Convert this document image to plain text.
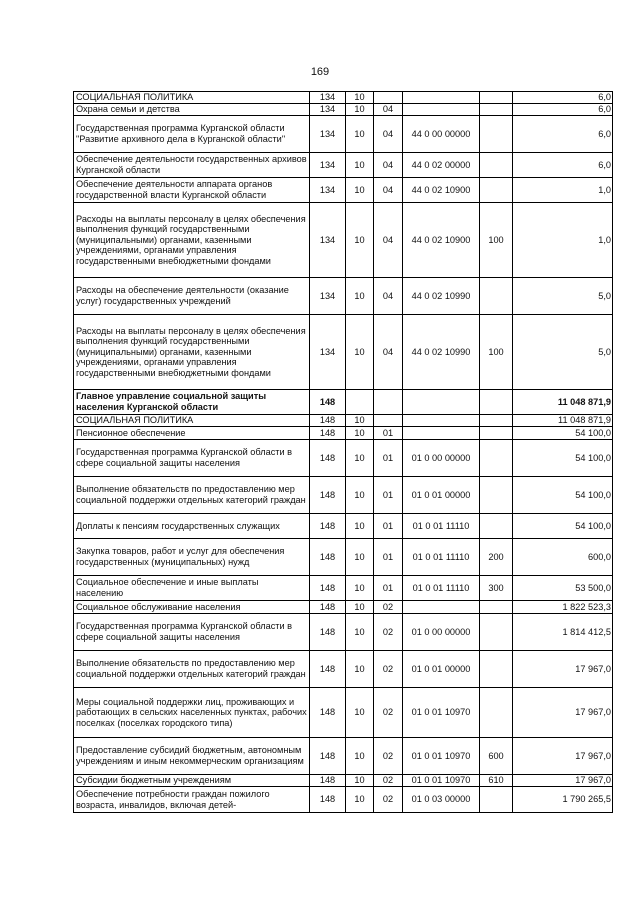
169
СОЦИАЛЬНАЯ ПОЛИТИКА	134	10				6,0
Охрана семьи и детства	134	10	04			6,0
Государственная программа Курганской области "Развитие архивного дела в Курганской области"	134	10	04	44 0 00 00000		6,0
Обеспечение деятельности государственных архивов Курганской области	134	10	04	44 0 02 00000		6,0
Обеспечение деятельности аппарата органов государственной власти Курганской области	134	10	04	44 0 02 10900		1,0
Расходы на выплаты персоналу в целях обеспечения выполнения функций государственными (муниципальными) органами, казенными учреждениями, органами управления государственными внебюджетными фондами	134	10	04	44 0 02 10900	100	1,0
Расходы на обеспечение деятельности (оказание услуг) государственных учреждений	134	10	04	44 0 02 10990		5,0
Расходы на выплаты персоналу в целях обеспечения выполнения функций государственными (муниципальными) органами, казенными учреждениями, органами управления государственными внебюджетными фондами	134	10	04	44 0 02 10990	100	5,0
Главное управление социальной защиты населения Курганской области	148					11 048 871,9
СОЦИАЛЬНАЯ ПОЛИТИКА	148	10				11 048 871,9
Пенсионное обеспечение	148	10	01			54 100,0
Государственная программа Курганской области в сфере социальной защиты населения	148	10	01	01 0 00 00000		54 100,0
Выполнение обязательств по предоставлению мер социальной поддержки отдельных категорий граждан	148	10	01	01 0 01 00000		54 100,0
Доплаты к пенсиям государственных служащих	148	10	01	01 0 01 11110		54 100,0
Закупка товаров, работ и услуг для обеспечения государственных (муниципальных) нужд	148	10	01	01 0 01 11110	200	600,0
Социальное обеспечение и иные выплаты населению	148	10	01	01 0 01 11110	300	53 500,0
Социальное обслуживание населения	148	10	02			1 822 523,3
Государственная программа Курганской области в сфере социальной защиты населения	148	10	02	01 0 00 00000		1 814 412,5
Выполнение обязательств по предоставлению мер социальной поддержки отдельных категорий граждан	148	10	02	01 0 01 00000		17 967,0
Меры социальной поддержки лиц, проживающих и работающих в сельских населенных пунктах, рабочих поселках (поселках городского типа)	148	10	02	01 0 01 10970		17 967,0
Предоставление субсидий бюджетным, автономным учреждениям и иным некоммерческим организациям	148	10	02	01 0 01 10970	600	17 967,0
Субсидии бюджетным учреждениям	148	10	02	01 0 01 10970	610	17 967,0
Обеспечение потребности граждан пожилого возраста, инвалидов, включая детей-	148	10	02	01 0 03 00000		1 790 265,5
